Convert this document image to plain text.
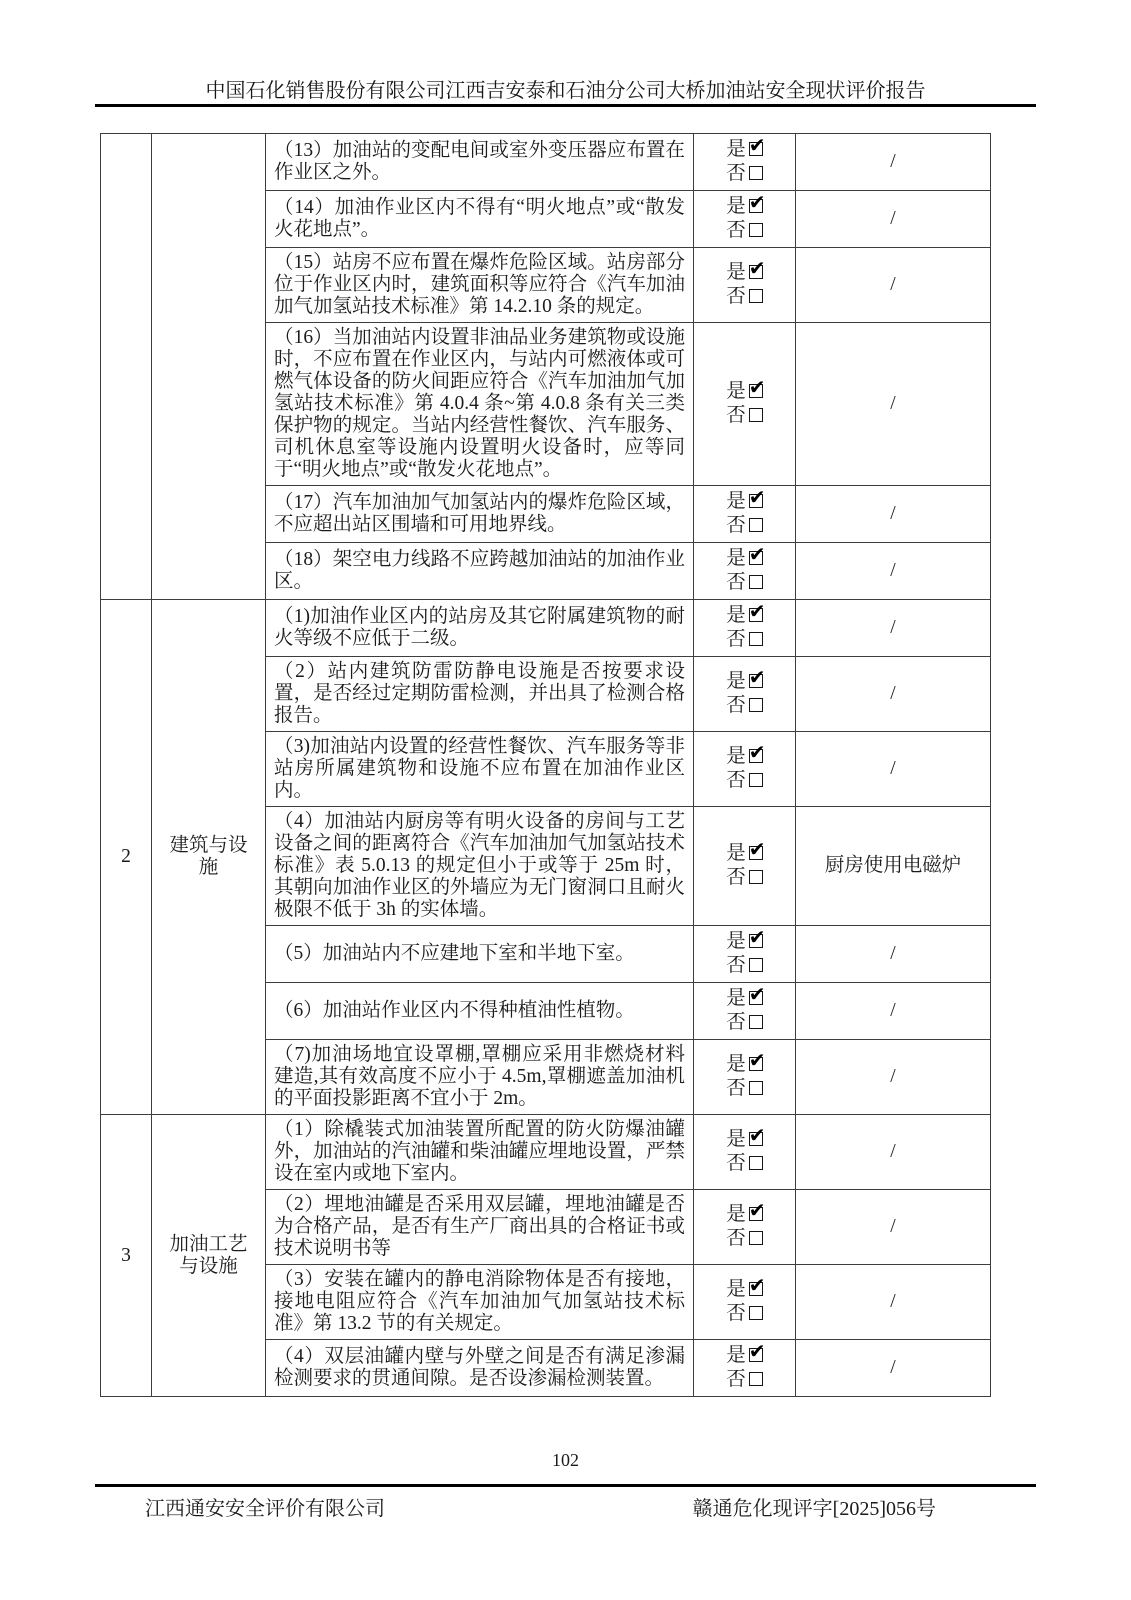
中国石化销售股份有限公司江西吉安泰和石油分公司大桥加油站安全现状评价报告
		（13）加油站的变配电间或室外变压器应布置在作业区之外。	是✔
否	/
		（14）加油作业区内不得有“明火地点”或“散发火花地点”。	是✔
否	/
		（15）站房不应布置在爆炸危险区域。站房部分位于作业区内时，建筑面积等应符合《汽车加油加气加氢站技术标准》第 14.2.10 条的规定。	是✔
否	/
		（16）当加油站内设置非油品业务建筑物或设施时，不应布置在作业区内，与站内可燃液体或可燃气体设备的防火间距应符合《汽车加油加气加氢站技术标准》第 4.0.4 条~第 4.0.8 条有关三类保护物的规定。当站内经营性餐饮、汽车服务、司机休息室等设施内设置明火设备时，应等同于“明火地点”或“散发火花地点”。	是✔
否	/
		（17）汽车加油加气加氢站内的爆炸危险区域，不应超出站区围墙和可用地界线。	是✔
否	/
		（18）架空电力线路不应跨越加油站的加油作业区。	是✔
否	/
2	建筑与设施	（1)加油作业区内的站房及其它附属建筑物的耐火等级不应低于二级。	是✔
否	/
		（2）站内建筑防雷防静电设施是否按要求设置，是否经过定期防雷检测，并出具了检测合格报告。	是✔
否	/
		（3)加油站内设置的经营性餐饮、汽车服务等非站房所属建筑物和设施不应布置在加油作业区内。	是✔
否	/
		（4）加油站内厨房等有明火设备的房间与工艺设备之间的距离符合《汽车加油加气加氢站技术标准》表 5.0.13 的规定但小于或等于 25m 时，其朝向加油作业区的外墙应为无门窗洞口且耐火极限不低于 3h 的实体墙。	是✔
否	厨房使用电磁炉
		（5）加油站内不应建地下室和半地下室。	是✔
否	/
		（6）加油站作业区内不得种植油性植物。	是✔
否	/
		（7)加油场地宜设罩棚,罩棚应采用非燃烧材料建造,其有效高度不应小于 4.5m,罩棚遮盖加油机的平面投影距离不宜小于 2m。	是✔
否	/
3	加油工艺与设施	（1）除橇装式加油装置所配置的防火防爆油罐外，加油站的汽油罐和柴油罐应埋地设置，严禁设在室内或地下室内。	是✔
否	/
		（2）埋地油罐是否采用双层罐，埋地油罐是否为合格产品，是否有生产厂商出具的合格证书或技术说明书等	是✔
否	/
		（3）安装在罐内的静电消除物体是否有接地，接地电阻应符合《汽车加油加气加氢站技术标准》第 13.2 节的有关规定。	是✔
否	/
		（4）双层油罐内壁与外壁之间是否有满足渗漏检测要求的贯通间隙。是否设渗漏检测装置。	是✔
否	/
102
江西通安安全评价有限公司	赣通危化现评字[2025]056号
